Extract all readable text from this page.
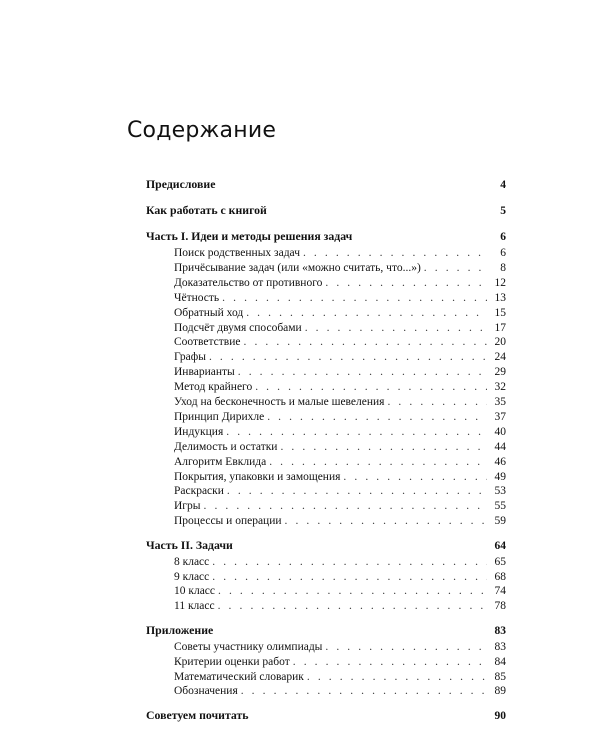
Содержание
Предисловие	4
Как работать с книгой	5
Часть I. Идеи и методы решения задач	6
Поиск родственных задач . . .	6
Причёсывание задач (или «можно считать, что...») . . .	8
Доказательство от противного . . .	12
Чётность . . .	13
Обратный ход . . .	15
Подсчёт двумя способами . . .	17
Соответствие . . .	20
Графы . . .	24
Инварианты . . .	29
Метод крайнего . . .	32
Уход на бесконечность и малые шевеления . . .	35
Принцип Дирихле . . .	37
Индукция . . .	40
Делимость и остатки . . .	44
Алгоритм Евклида . . .	46
Покрытия, упаковки и замощения . . .	49
Раскраски . . .	53
Игры . . .	55
Процессы и операции . . .	59
Часть II. Задачи	64
8 класс . . .	65
9 класс . . .	68
10 класс . . .	74
11 класс . . .	78
Приложение	83
Советы участнику олимпиады . . .	83
Критерии оценки работ . . .	84
Математический словарик . . .	85
Обозначения . . .	89
Советуем почитать	90
